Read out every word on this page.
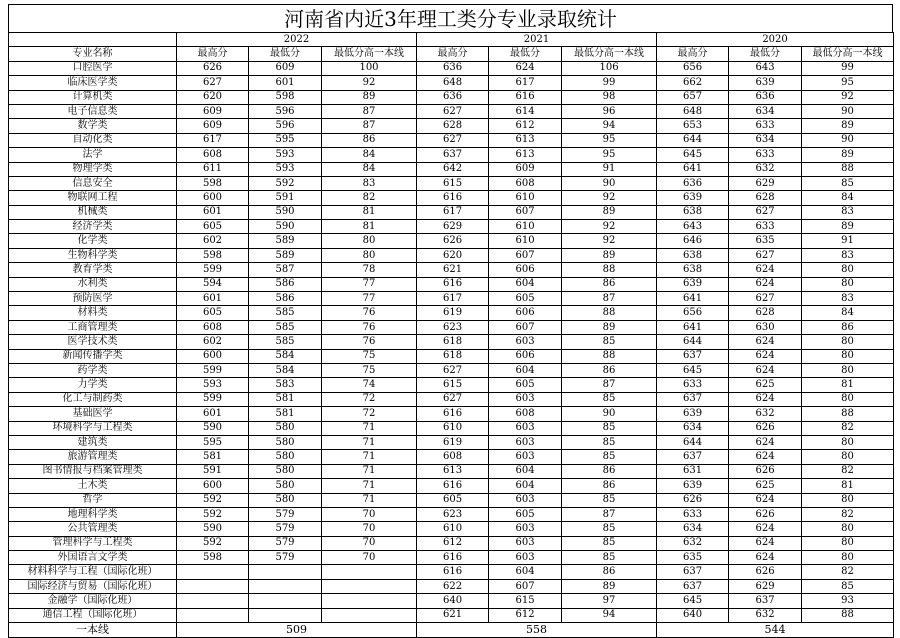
河南省内近3年理工类分专业录取统计
	2022			2021			2020		
专业名称	最高分	最低分	最低分高一本线	最高分	最低分	最低分高一本线	最高分	最低分	最低分高一本线
口腔医学	626	609	100	636	624	106	656	643	99
临床医学类	627	601	92	648	617	99	662	639	95
计算机类	620	598	89	636	616	98	657	636	92
电子信息类	609	596	87	627	614	96	648	634	90
数学类	609	596	87	628	612	94	653	633	89
自动化类	617	595	86	627	613	95	644	634	90
法学	608	593	84	637	613	95	645	633	89
物理学类	611	593	84	642	609	91	641	632	88
信息安全	598	592	83	615	608	90	636	629	85
物联网工程	600	591	82	616	610	92	639	628	84
机械类	601	590	81	617	607	89	638	627	83
经济学类	605	590	81	629	610	92	643	633	89
化学类	602	589	80	626	610	92	646	635	91
生物科学类	598	589	80	620	607	89	638	627	83
教育学类	599	587	78	621	606	88	638	624	80
水利类	594	586	77	616	604	86	639	624	80
预防医学	601	586	77	617	605	87	641	627	83
材料类	605	585	76	619	606	88	656	628	84
工商管理类	608	585	76	623	607	89	641	630	86
医学技术类	602	585	76	618	603	85	644	624	80
新闻传播学类	600	584	75	618	606	88	637	624	80
药学类	599	584	75	627	604	86	645	624	80
力学类	593	583	74	615	605	87	633	625	81
化工与制药类	599	581	72	627	603	85	637	624	80
基础医学	601	581	72	616	608	90	639	632	88
环境科学与工程类	590	580	71	610	603	85	634	626	82
建筑类	595	580	71	619	603	85	644	624	80
旅游管理类	581	580	71	608	603	85	637	624	80
图书情报与档案管理类	591	580	71	613	604	86	631	626	82
土木类	600	580	71	616	604	86	639	625	81
哲学	592	580	71	605	603	85	626	624	80
地理科学类	592	579	70	623	605	87	633	626	82
公共管理类	590	579	70	610	603	85	634	624	80
管理科学与工程类	592	579	70	612	603	85	632	624	80
外国语言文学类	598	579	70	616	603	85	635	624	80
材料科学与工程（国际化班）				616	604	86	637	626	82
国际经济与贸易（国际化班）				622	607	89	637	629	85
金融学（国际化班）				640	615	97	645	637	93
通信工程（国际化班）				621	612	94	640	632	88
一本线	509			558			544		
